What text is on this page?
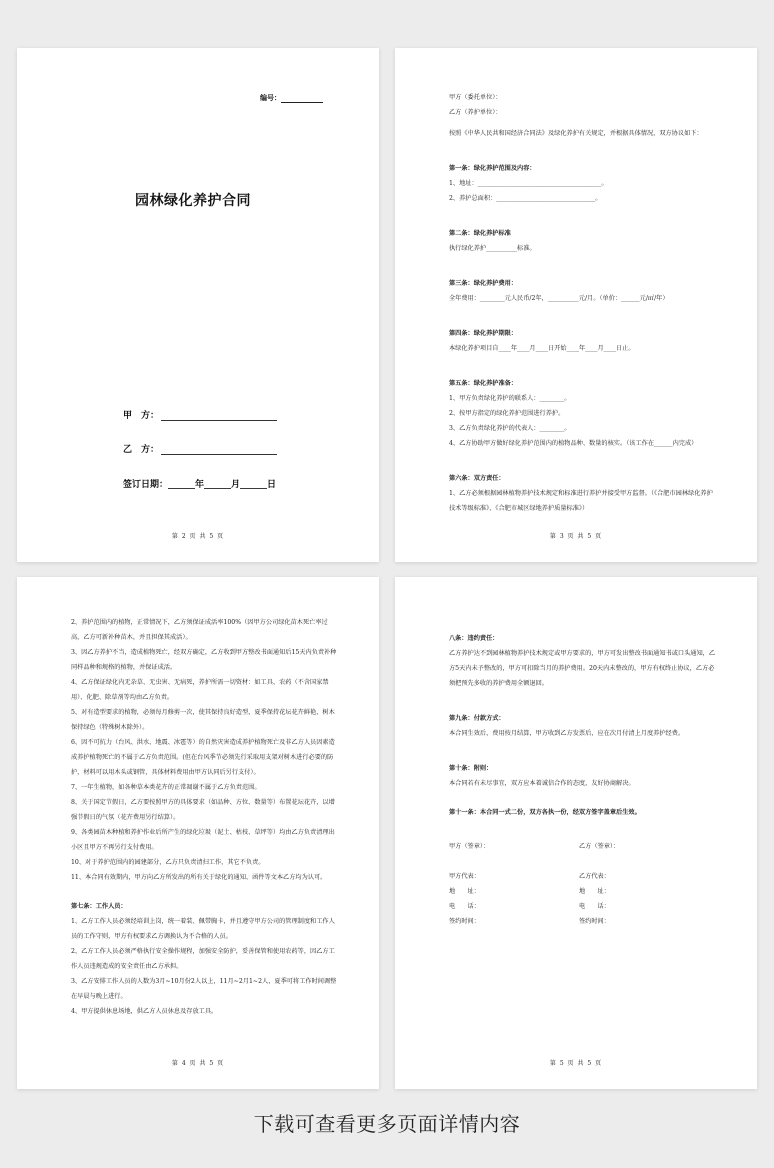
编号：
园林绿化养护合同
甲　方：
乙　方：
签订日期：______年______月______日
第 2 页 共 5 页

甲方（委托单位）：

乙方（养护单位）：

按照《中华人民共和国经济合同法》及绿化养护有关规定，并根据具体情况，双方协议如下：

第一条：绿化养护范围及内容：

1、地址：________________________________________。

2、养护总面积：________________________________。

第二条：绿化养护标准

执行绿化养护__________标准。

第三条：绿化养护费用：

全年费用：________元人民币/2年，__________元/月。（单价：______元/㎡/年）

第四条：绿化养护期限：

本绿化养护项目自____年____月____日开始____年____月____日止。

第五条：绿化养护准备：

1、甲方负责绿化养护的联系人：________。

2、按甲方指定的绿化养护范围进行养护。

3、乙方负责绿化养护的代表人：________。

4、乙方协助甲方做好绿化养护范围内的植物品种、数量的核实。（该工作在______内完成）

第六条：双方责任：

1、乙方必须根据园林植物养护技术规定和标准进行养护并接受甲方监督。（《合肥市园林绿化养护技术等级标准》、《合肥市城区绿地养护质量标准》）

第 3 页 共 5 页

2、养护范围内的植物，正常情况下，乙方须保证成活率100%（因甲方公司绿化苗木死亡率过高，乙方可新补种苗木，并且担保其成活）。

3、因乙方养护不当，造成植物死亡，经双方确定，乙方收到甲方整改书面通知后15天内负责补种同样品种和规格的植物，并保证成活。

4、乙方保证绿化内无杂草、无虫害、无病死，养护所需一切资材：如工具、农药（不含国家禁用）、化肥、除草剂等均由乙方负责。

5、对有造型要求的植物，必须每月修剪一次，使其保持良好造型，夏季保持花坛花卉鲜艳，树木保持绿色（特殊树木除外）。

6、因不可抗力（台风、洪水、地震、冰雹等）的自然灾害造成养护植物死亡及非乙方人员因素造成养护植物死亡的不属于乙方负责范围。(但在台风季节必须先行采取用支架对树木进行必要的防护，材料可以用木头或钢管，具体材料费用由甲方认同后另行支付）。

7、一年生植物，如各种草本类花卉的正常凋谢不属于乙方负责范围。

8、关于国定节假日，乙方要按照甲方的具体要求（如品种、方位、数量等）布置花坛花卉，以增强节假日的气氛（花卉费用另行结算）。

9、各类园苗木种植和养护作业后所产生的绿化垃圾（泥土、枯枝、草坪等）均由乙方负责清理出小区且甲方不再另行支付费用。

10、对于养护范围内的园建部分，乙方只负责清扫工作，其它不负责。

11、本合同有效期内，甲方向乙方所发出的所有关于绿化的通知、函件等文本乙方均为认可。

第七条：工作人员：

1、乙方工作人员必须经培训上岗，统一着装、佩带胸卡，并且遵守甲方公司的管理制度和工作人员的工作守则，甲方有权要求乙方调换认为不合格的人员。

2、乙方工作人员必须严格执行安全操作规程，加强安全防护，妥善保管和使用农药等，因乙方工作人员违规造成的安全责任由乙方承担。

3、乙方安排工作人员的人数为3月~10月份2人以上，11月~2月1~2人，夏季可将工作时间调整在早晨与晚上进行。

4、甲方提供休息场地，供乙方人员休息及存放工具。

第 4 页 共 5 页

八条：违约责任：

乙方养护达不到园林植物养护技术规定或甲方要求的，甲方可发出整改书面通知书或口头通知，乙方5天内未予整改的，甲方可扣除当月的养护费用。20天内未整改的，甲方有权终止协议，乙方必须把预先多收的养护费用全额退回。

第九条：付款方式：

本合同生效后，费用按月结算，甲方收到乙方发票后，应在次月付清上月度养护经费。

第十条：附则：

本合同若有未尽事宜，双方应本着诚信合作的态度，友好协商解决。

第十一条：本合同一式二份，双方各执一份，经双方签字盖章后生效。

甲方（签章）：
甲方代表：
地　　址：
电　　话：
签约时间：
乙方（签章）：
乙方代表：
地　　址：
电　　话：
签约时间：
第 5 页 共 5 页
下载可查看更多页面详情内容
